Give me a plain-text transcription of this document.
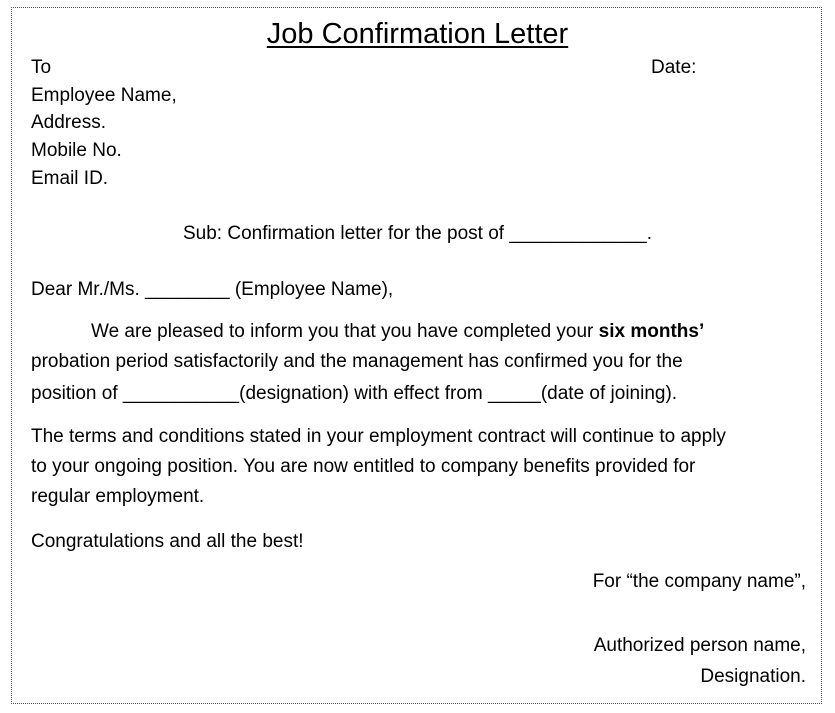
Job Confirmation Letter
To	Date:
Employee Name,
Address.
Mobile No.
Email ID.
Sub: Confirmation letter for the post of _____________.
Dear Mr./Ms. ________ (Employee Name),
We are pleased to inform you that you have completed your six months’
probation period satisfactorily and the management has confirmed you for the
position of ___________(designation) with effect from _____(date of joining).
The terms and conditions stated in your employment contract will continue to apply
to your ongoing position. You are now entitled to company benefits provided for
regular employment.
Congratulations and all the best!
For “the company name”,
Authorized person name,
Designation.
